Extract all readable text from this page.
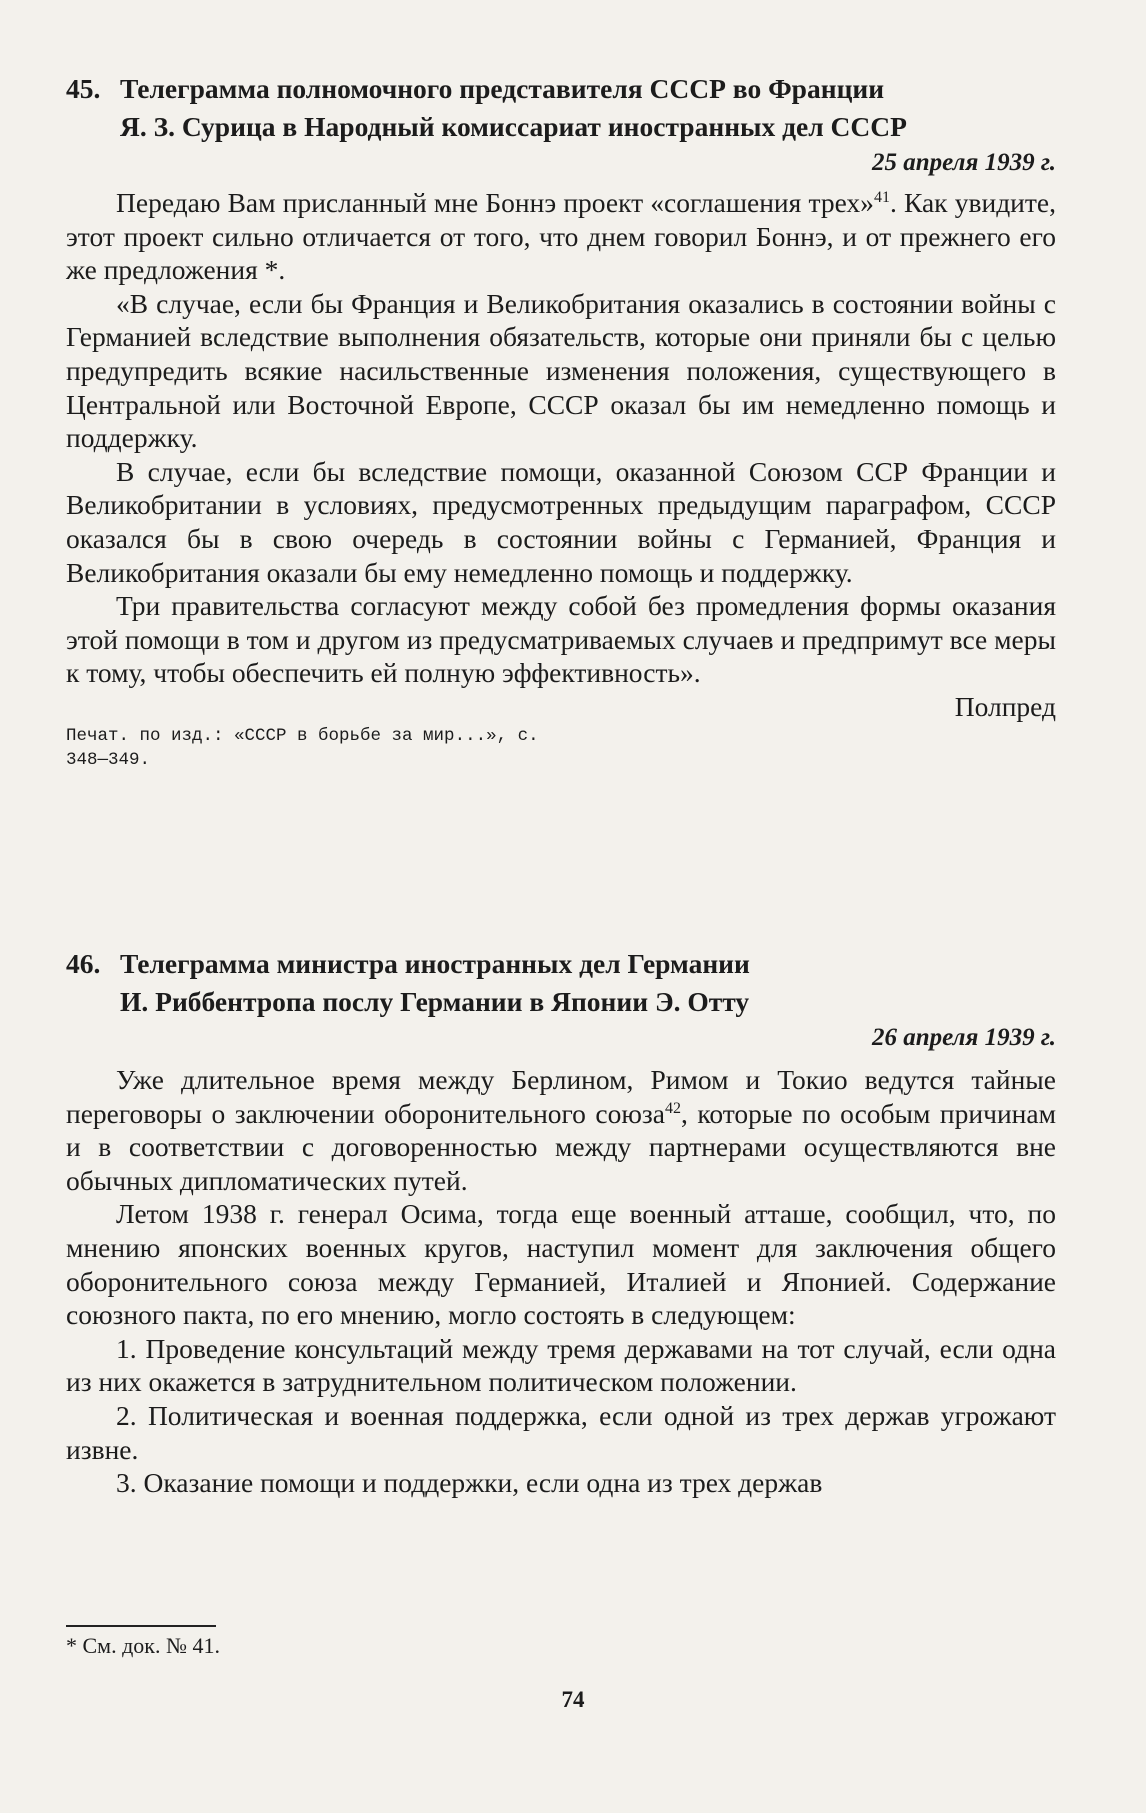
45. Телеграмма полномочного представителя СССР во Франции
Я. З. Сурица в Народный комиссариат иностранных дел СССР

25 апреля 1939 г.

Передаю Вам присланный мне Боннэ проект «соглашения трех»$^{41}$. Как увидите, этот проект сильно отличается от того, что днем говорил Боннэ, и от прежнего его же предложения *.

«В случае, если бы Франция и Великобритания оказались в состоянии войны с Германией вследствие выполнения обязательств, которые они приняли бы с целью предупредить всякие насильственные изменения положения, существующего в Центральной или Восточной Европе, СССР оказал бы им немедленно помощь и поддержку.

В случае, если бы вследствие помощи, оказанной Союзом ССР Франции и Великобритании в условиях, предусмотренных предыдущим параграфом, СССР оказался бы в свою очередь в состоянии войны с Германией, Франция и Великобритания оказали бы ему немедленно помощь и поддержку.

Три правительства согласуют между собой без промедления формы оказания этой помощи в том и другом из предусматриваемых случаев и предпримут все меры к тому, чтобы обеспечить ей полную эффективность».

Полпред

Печат. по изд.: «СССР в борьбе за мир...», с. 348—349.

46. Телеграмма министра иностранных дел Германии
И. Риббентропа послу Германии в Японии Э. Отту

26 апреля 1939 г.

Уже длительное время между Берлином, Римом и Токио ведутся тайные переговоры о заключении оборонительного союза$^{42}$, которые по особым причинам и в соответствии с договоренностью между партнерами осуществляются вне обычных дипломатических путей.

Летом 1938 г. генерал Осима, тогда еще военный атташе, сообщил, что, по мнению японских военных кругов, наступил момент для заключения общего оборонительного союза между Германией, Италией и Японией. Содержание союзного пакта, по его мнению, могло состоять в следующем:

1. Проведение консультаций между тремя державами на тот случай, если одна из них окажется в затруднительном политическом положении.

2. Политическая и военная поддержка, если одной из трех держав угрожают извне.

3. Оказание помощи и поддержки, если одна из трех держав

* См. док. № 41.

74
